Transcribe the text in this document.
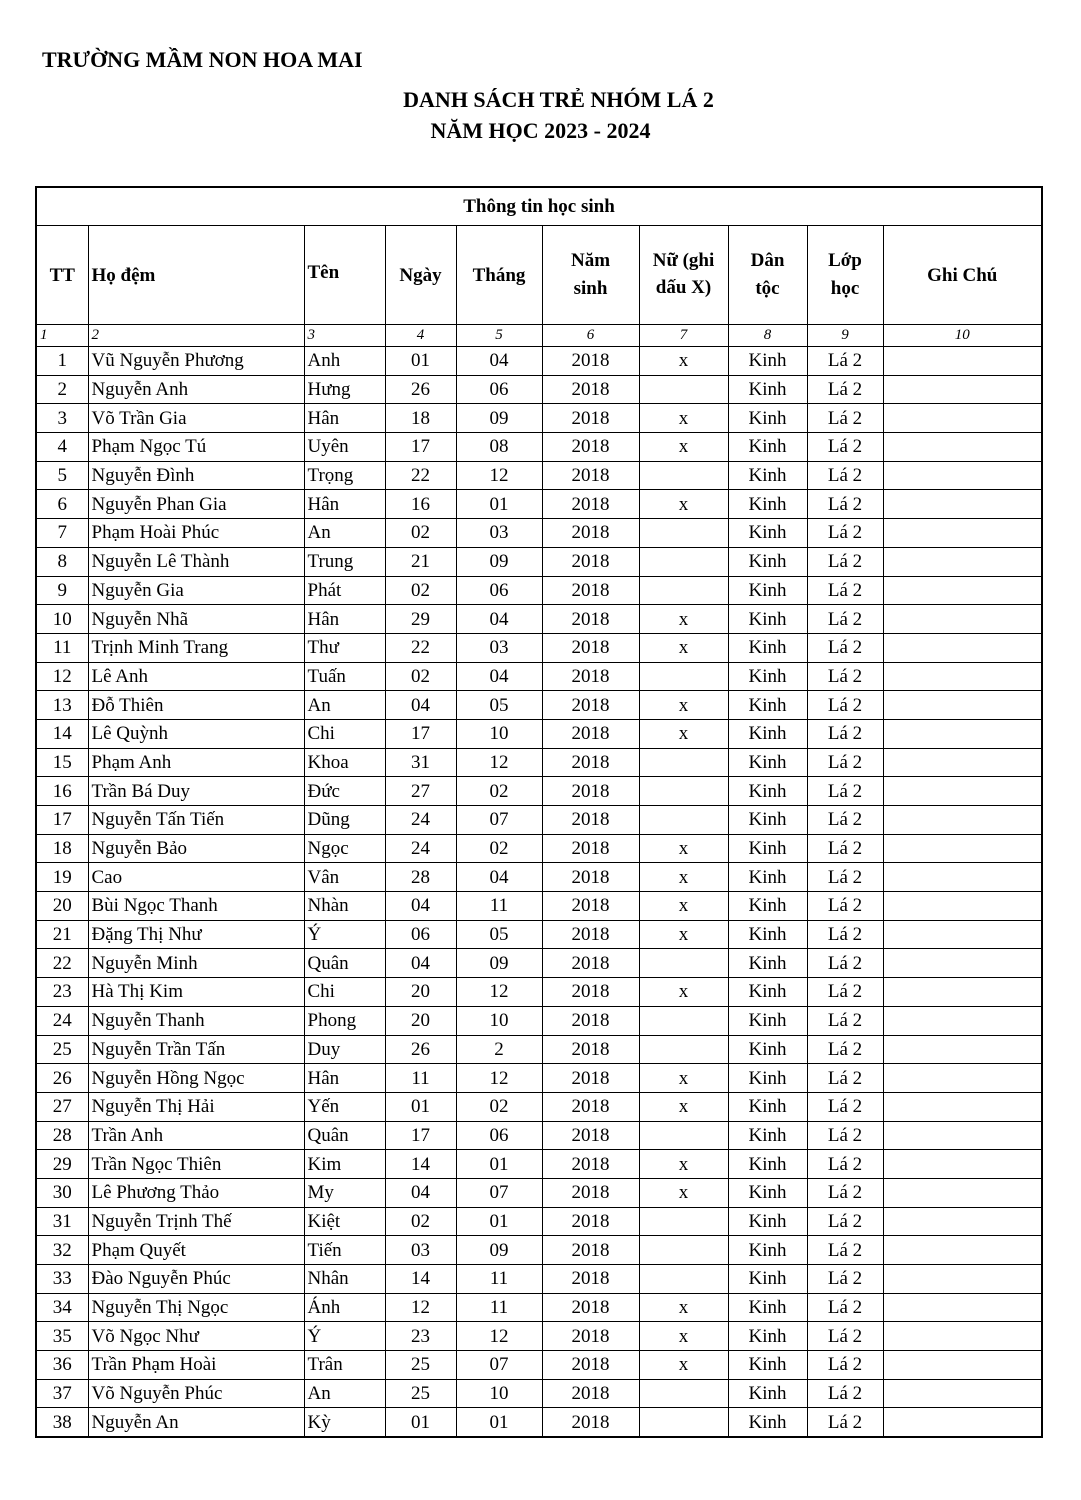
TRƯỜNG MẦM NON HOA MAI
DANH SÁCH TRẺ NHÓM LÁ 2
NĂM HỌC 2023 - 2024
Thông tin học sinh									
TT	Họ đệm	Tên	Ngày	Tháng	Năm sinh	Nữ (ghi dấu X)	Dân tộc	Lớp học	Ghi Chú
1	2	3	4	5	6	7	8	9	10
1	Vũ Nguyễn Phương	Anh	01	04	2018	x	Kinh	Lá 2	
2	Nguyễn Anh	Hưng	26	06	2018		Kinh	Lá 2	
3	Võ Trần Gia	Hân	18	09	2018	x	Kinh	Lá 2	
4	Phạm Ngọc Tú	Uyên	17	08	2018	x	Kinh	Lá 2	
5	Nguyễn Đình	Trọng	22	12	2018		Kinh	Lá 2	
6	Nguyễn Phan Gia	Hân	16	01	2018	x	Kinh	Lá 2	
7	Phạm Hoài Phúc	An	02	03	2018		Kinh	Lá 2	
8	Nguyễn Lê Thành	Trung	21	09	2018		Kinh	Lá 2	
9	Nguyễn Gia	Phát	02	06	2018		Kinh	Lá 2	
10	Nguyễn Nhã	Hân	29	04	2018	x	Kinh	Lá 2	
11	Trịnh Minh Trang	Thư	22	03	2018	x	Kinh	Lá 2	
12	Lê Anh	Tuấn	02	04	2018		Kinh	Lá 2	
13	Đỗ Thiên	An	04	05	2018	x	Kinh	Lá 2	
14	Lê Quỳnh	Chi	17	10	2018	x	Kinh	Lá 2	
15	Phạm Anh	Khoa	31	12	2018		Kinh	Lá 2	
16	Trần Bá Duy	Đức	27	02	2018		Kinh	Lá 2	
17	Nguyễn Tấn Tiến	Dũng	24	07	2018		Kinh	Lá 2	
18	Nguyễn Bảo	Ngọc	24	02	2018	x	Kinh	Lá 2	
19	Cao	Vân	28	04	2018	x	Kinh	Lá 2	
20	Bùi Ngọc Thanh	Nhàn	04	11	2018	x	Kinh	Lá 2	
21	Đặng Thị Như	Ý	06	05	2018	x	Kinh	Lá 2	
22	Nguyễn Minh	Quân	04	09	2018		Kinh	Lá 2	
23	Hà Thị Kim	Chi	20	12	2018	x	Kinh	Lá 2	
24	Nguyễn Thanh	Phong	20	10	2018		Kinh	Lá 2	
25	Nguyễn Trần Tấn	Duy	26	2	2018		Kinh	Lá 2	
26	Nguyễn Hồng Ngọc	Hân	11	12	2018	x	Kinh	Lá 2	
27	Nguyễn Thị Hải	Yến	01	02	2018	x	Kinh	Lá 2	
28	Trần Anh	Quân	17	06	2018		Kinh	Lá 2	
29	Trần Ngọc Thiên	Kim	14	01	2018	x	Kinh	Lá 2	
30	Lê Phương Thảo	My	04	07	2018	x	Kinh	Lá 2	
31	Nguyễn Trịnh Thế	Kiệt	02	01	2018		Kinh	Lá 2	
32	Phạm Quyết	Tiến	03	09	2018		Kinh	Lá 2	
33	Đào Nguyễn Phúc	Nhân	14	11	2018		Kinh	Lá 2	
34	Nguyễn Thị Ngọc	Ánh	12	11	2018	x	Kinh	Lá 2	
35	Võ Ngọc Như	Ý	23	12	2018	x	Kinh	Lá 2	
36	Trần Phạm Hoài	Trân	25	07	2018	x	Kinh	Lá 2	
37	Võ Nguyễn Phúc	An	25	10	2018		Kinh	Lá 2	
38	Nguyễn An	Kỳ	01	01	2018		Kinh	Lá 2	
